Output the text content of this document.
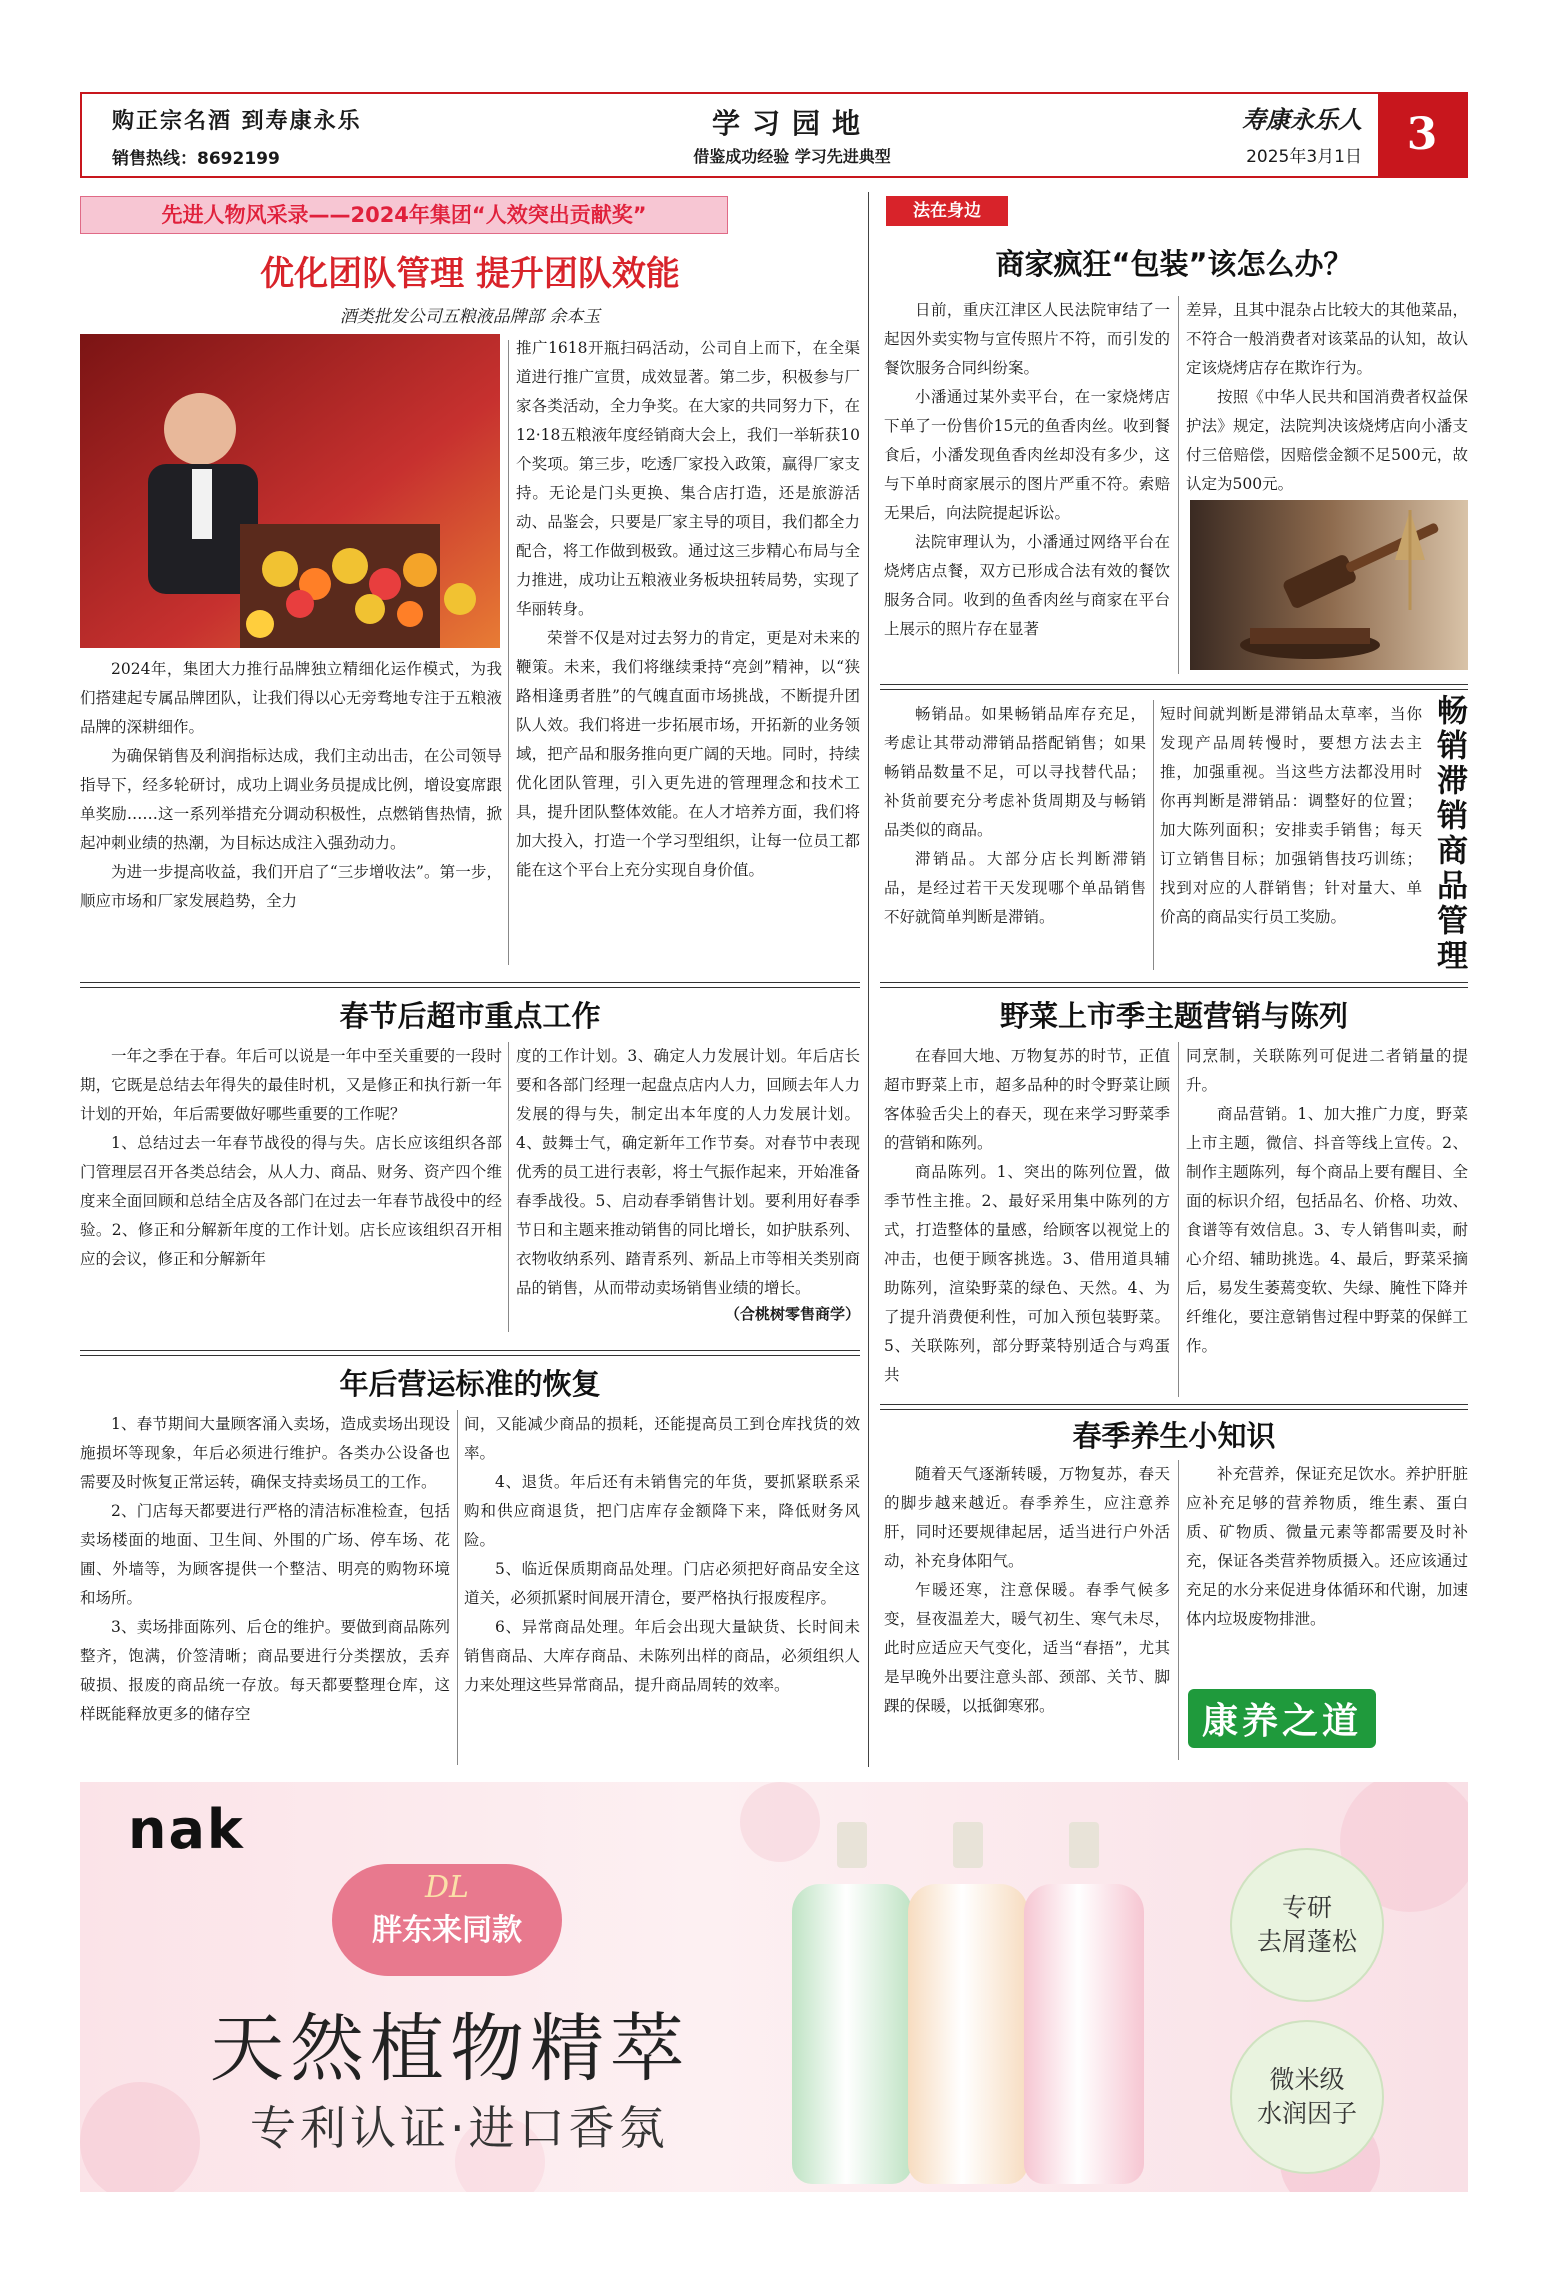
购正宗名酒 到寿康永乐
销售热线：8692199
学习园地
借鉴成功经验 学习先进典型
寿康永乐人
2025年3月1日	3
先进人物风采录——2024年集团“人效突出贡献奖”
优化团队管理 提升团队效能
酒类批发公司五粮液品牌部 余本玉

推广1618开瓶扫码活动，公司自上而下，在全渠道进行推广宣贯，成效显著。第二步，积极参与厂家各类活动，全力争奖。在大家的共同努力下，在12·18五粮液年度经销商大会上，我们一举斩获10个奖项。第三步，吃透厂家投入政策，赢得厂家支持。无论是门头更换、集合店打造，还是旅游活动、品鉴会，只要是厂家主导的项目，我们都全力配合，将工作做到极致。通过这三步精心布局与全力推进，成功让五粮液业务板块扭转局势，实现了华丽转身。

荣誉不仅是对过去努力的肯定，更是对未来的鞭策。未来，我们将继续秉持“亮剑”精神，以“狭路相逢勇者胜”的气魄直面市场挑战，不断提升团队人效。我们将进一步拓展市场，开拓新的业务领域，把产品和服务推向更广阔的天地。同时，持续优化团队管理，引入更先进的管理理念和技术工具，提升团队整体效能。在人才培养方面，我们将加大投入，打造一个学习型组织，让每一位员工都能在这个平台上充分实现自身价值。

2024年，集团大力推行品牌独立精细化运作模式，为我们搭建起专属品牌团队，让我们得以心无旁骛地专注于五粮液品牌的深耕细作。

为确保销售及利润指标达成，我们主动出击，在公司领导指导下，经多轮研讨，成功上调业务员提成比例，增设宴席跟单奖励……这一系列举措充分调动积极性，点燃销售热情，掀起冲刺业绩的热潮，为目标达成注入强劲动力。

为进一步提高收益，我们开启了“三步增收法”。第一步，顺应市场和厂家发展趋势，全力

春节后超市重点工作

一年之季在于春。年后可以说是一年中至关重要的一段时期，它既是总结去年得失的最佳时机，又是修正和执行新一年计划的开始，年后需要做好哪些重要的工作呢？

1、总结过去一年春节战役的得与失。店长应该组织各部门管理层召开各类总结会，从人力、商品、财务、资产四个维度来全面回顾和总结全店及各部门在过去一年春节战役中的经验。2、修正和分解新年度的工作计划。店长应该组织召开相应的会议，修正和分解新年

度的工作计划。3、确定人力发展计划。年后店长要和各部门经理一起盘点店内人力，回顾去年人力发展的得与失，制定出本年度的人力发展计划。4、鼓舞士气，确定新年工作节奏。对春节中表现优秀的员工进行表彰，将士气振作起来，开始准备春季战役。5、启动春季销售计划。要利用好春季节日和主题来推动销售的同比增长，如护肤系列、衣物收纳系列、踏青系列、新品上市等相关类别商品的销售，从而带动卖场销售业绩的增长。

（合桃树零售商学）
年后营运标准的恢复

1、春节期间大量顾客涌入卖场，造成卖场出现设施损坏等现象，年后必须进行维护。各类办公设备也需要及时恢复正常运转，确保支持卖场员工的工作。

2、门店每天都要进行严格的清洁标准检查，包括卖场楼面的地面、卫生间、外围的广场、停车场、花圃、外墙等，为顾客提供一个整洁、明亮的购物环境和场所。

3、卖场排面陈列、后仓的维护。要做到商品陈列整齐，饱满，价签清晰；商品要进行分类摆放，丢弃破损、报废的商品统一存放。每天都要整理仓库，这样既能释放更多的储存空

间，又能减少商品的损耗，还能提高员工到仓库找货的效率。

4、退货。年后还有未销售完的年货，要抓紧联系采购和供应商退货，把门店库存金额降下来，降低财务风险。

5、临近保质期商品处理。门店必须把好商品安全这道关，必须抓紧时间展开清仓，要严格执行报废程序。

6、异常商品处理。年后会出现大量缺货、长时间未销售商品、大库存商品、未陈列出样的商品，必须组织人力来处理这些异常商品，提升商品周转的效率。

法在身边
商家疯狂“包装”该怎么办？

日前，重庆江津区人民法院审结了一起因外卖实物与宣传照片不符，而引发的餐饮服务合同纠纷案。

小潘通过某外卖平台，在一家烧烤店下单了一份售价15元的鱼香肉丝。收到餐食后，小潘发现鱼香肉丝却没有多少，这与下单时商家展示的图片严重不符。索赔无果后，向法院提起诉讼。

法院审理认为，小潘通过网络平台在烧烤店点餐，双方已形成合法有效的餐饮服务合同。收到的鱼香肉丝与商家在平台上展示的照片存在显著

差异，且其中混杂占比较大的其他菜品，不符合一般消费者对该菜品的认知，故认定该烧烤店存在欺诈行为。

按照《中华人民共和国消费者权益保护法》规定，法院判决该烧烤店向小潘支付三倍赔偿，因赔偿金额不足500元，故认定为500元。

畅销滞销商品管理

畅销品。如果畅销品库存充足，考虑让其带动滞销品搭配销售；如果畅销品数量不足，可以寻找替代品；补货前要充分考虑补货周期及与畅销品类似的商品。

滞销品。大部分店长判断滞销品，是经过若干天发现哪个单品销售不好就简单判断是滞销。

短时间就判断是滞销品太草率，当你发现产品周转慢时，要想方法去主推，加强重视。当这些方法都没用时你再判断是滞销品：调整好的位置；加大陈列面积；安排卖手销售；每天订立销售目标；加强销售技巧训练；找到对应的人群销售；针对量大、单价高的商品实行员工奖励。

野菜上市季主题营销与陈列

在春回大地、万物复苏的时节，正值超市野菜上市，超多品种的时令野菜让顾客体验舌尖上的春天，现在来学习野菜季的营销和陈列。

商品陈列。1、突出的陈列位置，做季节性主推。2、最好采用集中陈列的方式，打造整体的量感，给顾客以视觉上的冲击，也便于顾客挑选。3、借用道具辅助陈列，渲染野菜的绿色、天然。4、为了提升消费便利性，可加入预包装野菜。5、关联陈列，部分野菜特别适合与鸡蛋共

同烹制，关联陈列可促进二者销量的提升。

商品营销。1、加大推广力度，野菜上市主题，微信、抖音等线上宣传。2、制作主题陈列，每个商品上要有醒目、全面的标识介绍，包括品名、价格、功效、食谱等有效信息。3、专人销售叫卖，耐心介绍、辅助挑选。4、最后，野菜采摘后，易发生萎蔫变软、失绿、腌性下降并纤维化，要注意销售过程中野菜的保鲜工作。

春季养生小知识

随着天气逐渐转暖，万物复苏，春天的脚步越来越近。春季养生，应注意养肝，同时还要规律起居，适当进行户外活动，补充身体阳气。

乍暖还寒，注意保暖。春季气候多变，昼夜温差大，暖气初生、寒气未尽，此时应适应天气变化，适当“春捂”，尤其是早晚外出要注意头部、颈部、关节、脚踝的保暖，以抵御寒邪。

补充营养，保证充足饮水。养护肝脏应补充足够的营养物质，维生素、蛋白质、矿物质、微量元素等都需要及时补充，保证各类营养物质摄入。还应该通过充足的水分来促进身体循环和代谢，加速体内垃圾废物排泄。

康养之道
nak
DL
胖东来同款
天然植物精萃
专利认证·进口香氛
专研
去屑蓬松
微米级
水润因子
